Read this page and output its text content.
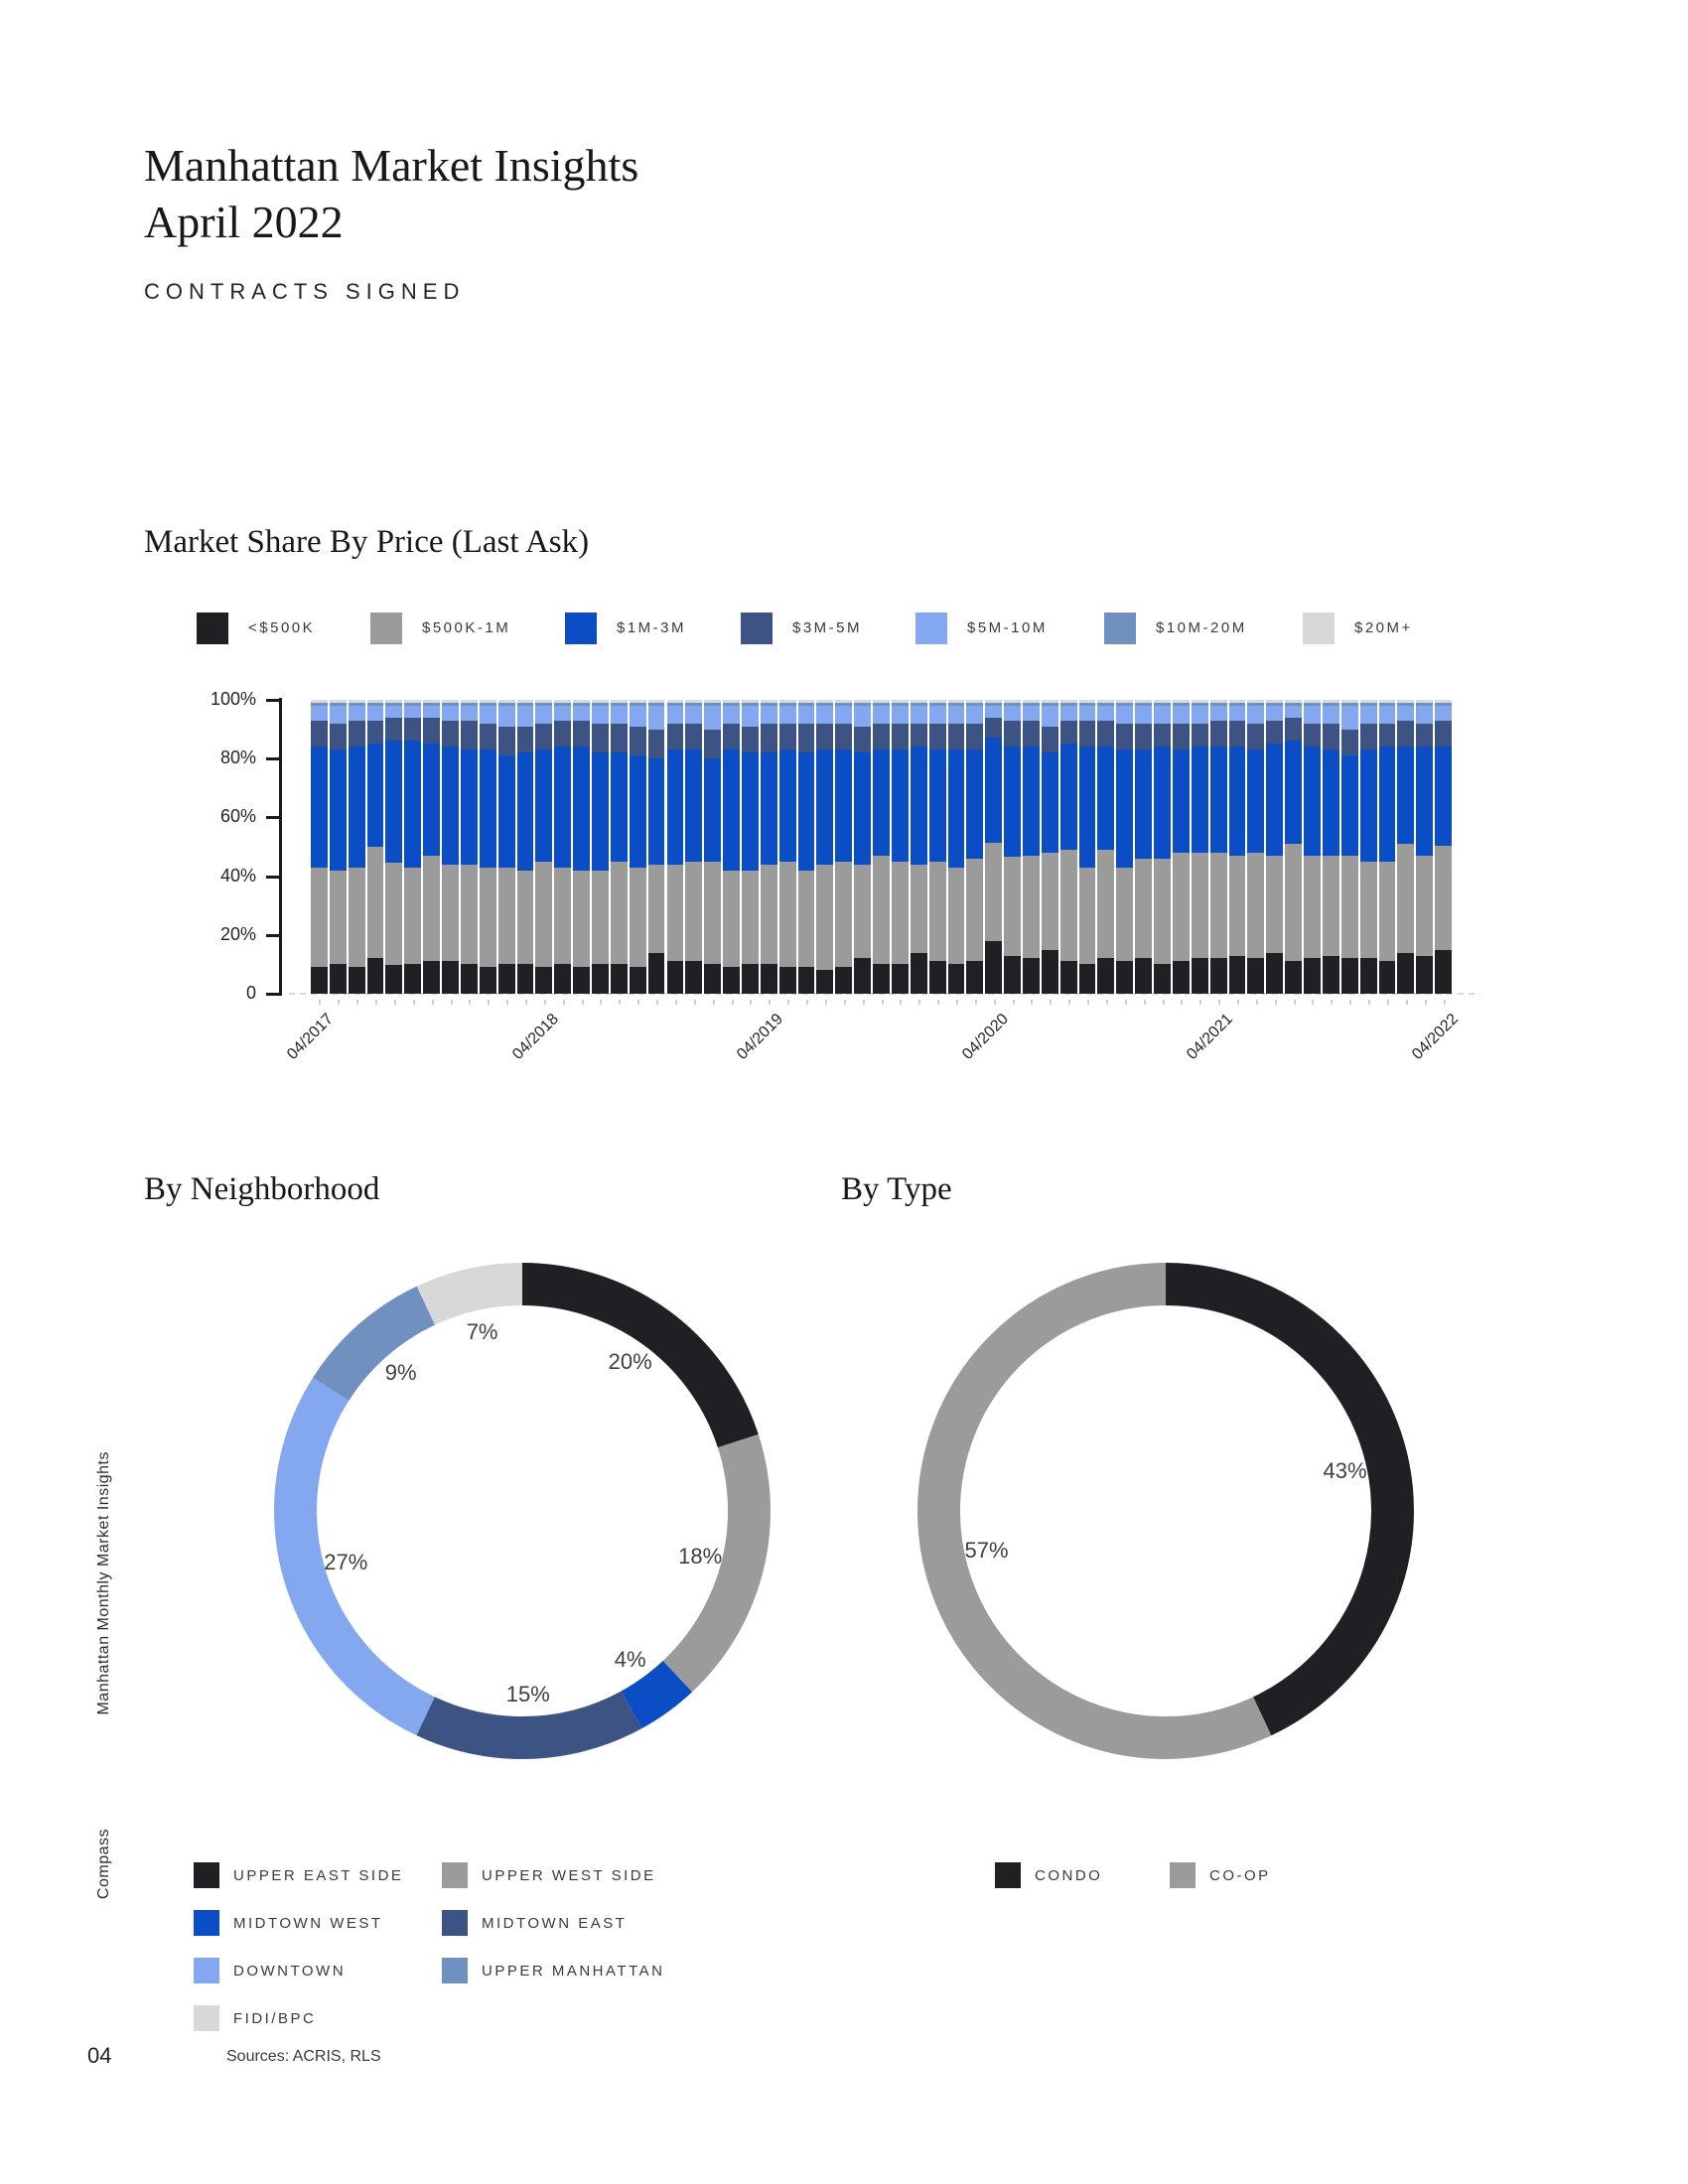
Manhattan Monthly Market Insights
Compass
Manhattan Market Insights
April 2022
CONTRACTS SIGNED
Market Share By Price (Last Ask)
<$500K	$500K-1M	$1M-3M	$3M-5M	$5M-10M	$10M-20M	$20M+
100%
80%
60%
40%
20%
0
04/2017	04/2018	04/2019	04/2020	04/2021	04/2022
By Neighborhood	By Type
20%
18%
4%
15%
27%
9%
7%
43%
57%
UPPER EAST SIDE
MIDTOWN WEST
DOWNTOWN
FIDI/BPC
UPPER WEST SIDE
MIDTOWN EAST
UPPER MANHATTAN
CONDO	CO-OP
04	Sources: ACRIS, RLS
